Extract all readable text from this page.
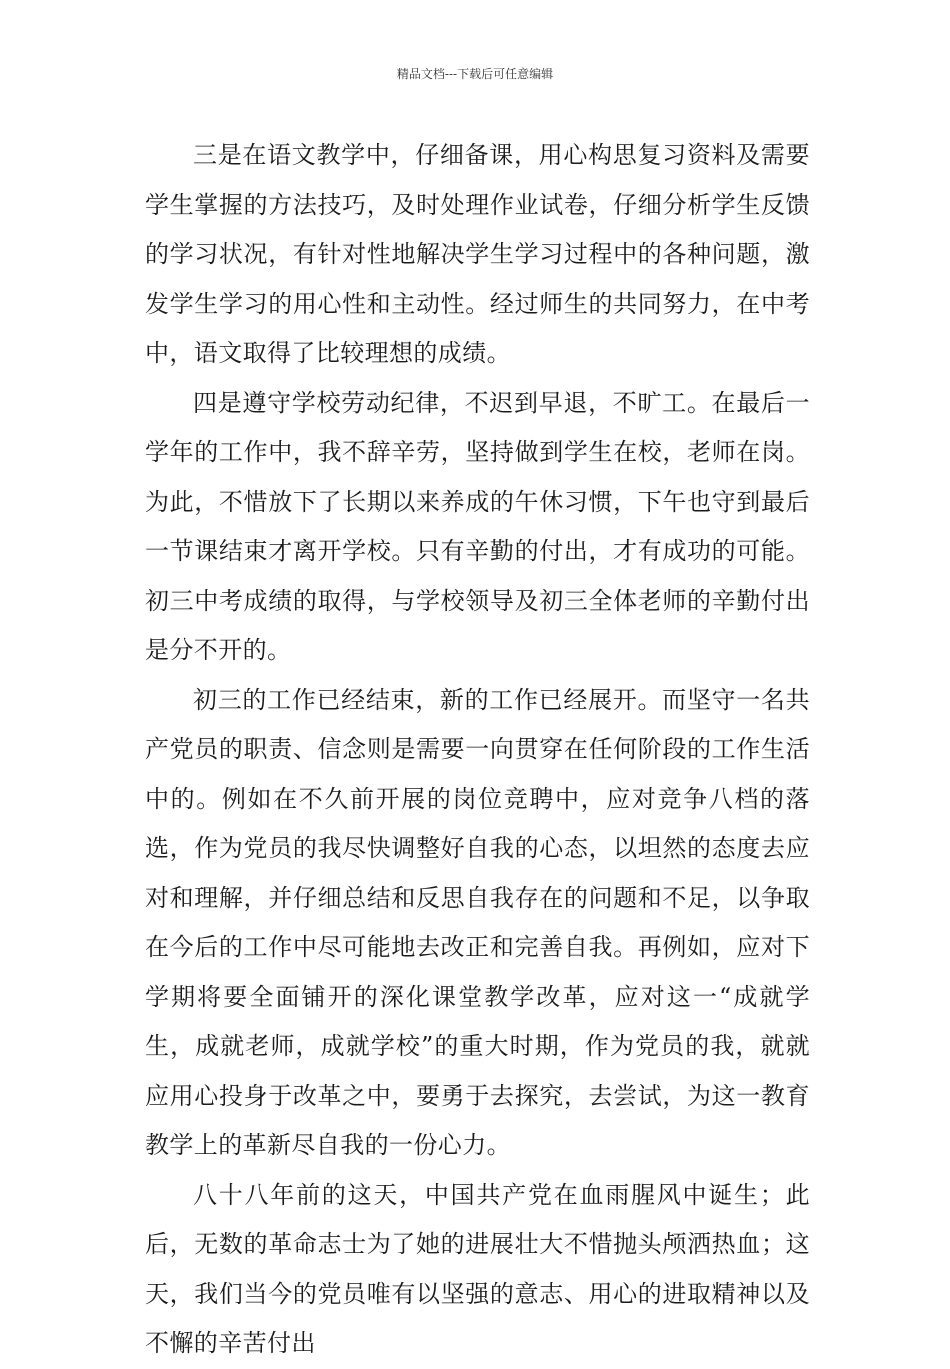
精品文档---下载后可任意编辑

三是在语文教学中，仔细备课，用心构思复习资料及需要学生掌握的方法技巧，及时处理作业试卷，仔细分析学生反馈的学习状况，有针对性地解决学生学习过程中的各种问题，激发学生学习的用心性和主动性。经过师生的共同努力，在中考中，语文取得了比较理想的成绩。

四是遵守学校劳动纪律，不迟到早退，不旷工。在最后一学年的工作中，我不辞辛劳，坚持做到学生在校，老师在岗。为此，不惜放下了长期以来养成的午休习惯，下午也守到最后一节课结束才离开学校。只有辛勤的付出，才有成功的可能。初三中考成绩的取得，与学校领导及初三全体老师的辛勤付出是分不开的。

初三的工作已经结束，新的工作已经展开。而坚守一名共产党员的职责、信念则是需要一向贯穿在任何阶段的工作生活中的。例如在不久前开展的岗位竞聘中，应对竞争八档的落选，作为党员的我尽快调整好自我的心态，以坦然的态度去应对和理解，并仔细总结和反思自我存在的问题和不足，以争取在今后的工作中尽可能地去改正和完善自我。再例如，应对下学期将要全面铺开的深化课堂教学改革，应对这一“成就学生，成就老师，成就学校”的重大时期，作为党员的我，就就应用心投身于改革之中，要勇于去探究，去尝试，为这一教育教学上的革新尽自我的一份心力。

八十八年前的这天，中国共产党在血雨腥风中诞生；此后，无数的革命志士为了她的进展壮大不惜抛头颅洒热血；这天，我们当今的党员唯有以坚强的意志、用心的进取精神以及不懈的辛苦付出
